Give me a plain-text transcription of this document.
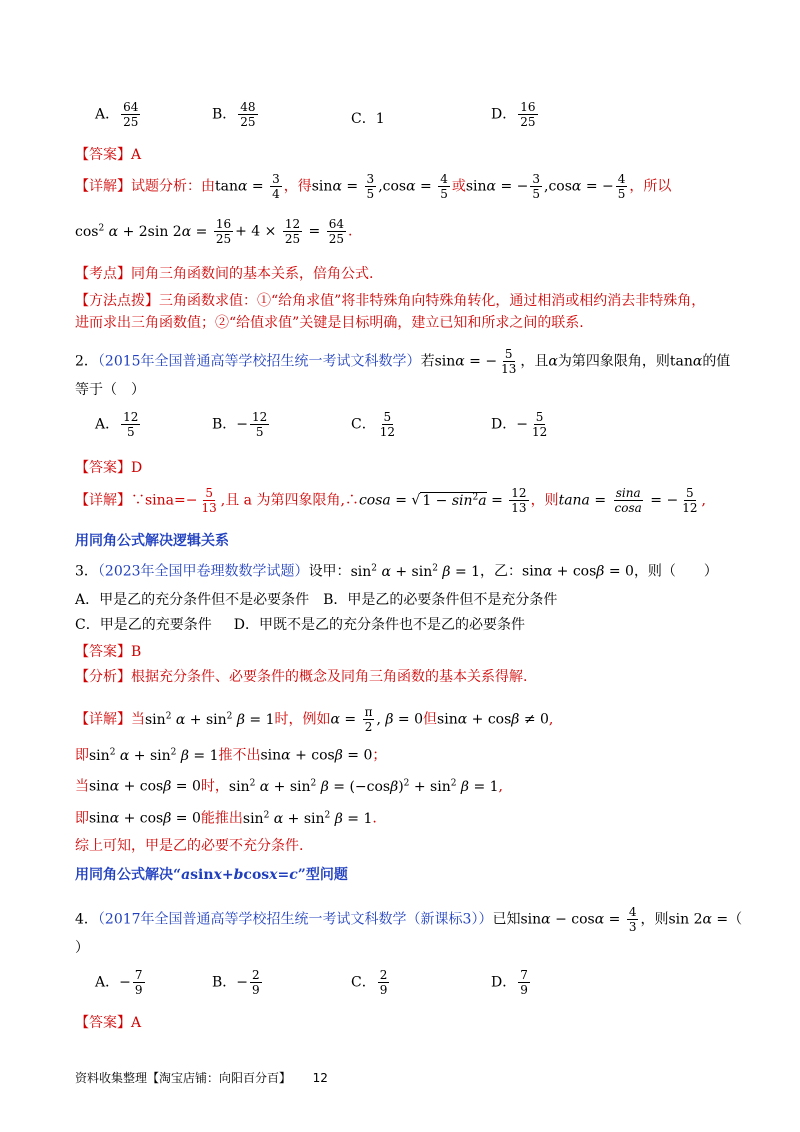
A． $\frac{64}{25}$	B． $\frac{48}{25}$	C．1	D． $\frac{16}{25}$
【答案】A
【详解】试题分析：由$\tan\alpha = \frac{3}{4}$ ，得$\sin\alpha = \frac{3}{5} ,\cos\alpha = \frac{4}{5}$ 或sinα = − $\frac{3}{5} ,\cos\alpha$ = − $\frac{4}{5}$ ，所以
$\cos^2 \alpha + 2\sin$ $2\alpha = \frac{16}{25} + 4 \times \frac{12}{25} = \frac{64}{25}$ .
【考点】同角三角函数间的基本关系，倍角公式.
【方法点拨】三角函数求值：①“给角求值”将非特殊角向特殊角转化，通过相消或相约消去非特殊角，
进而求出三角函数值；②“给值求值”关键是目标明确，建立已知和所求之间的联系.
2．（2015年全国普通高等学校招生统一考试文科数学）若sinα = − $\frac{5}{13}$ ，且α为第四象限角，则tanα的值
等于（　）
A． $\frac{12}{5}$	B．− $\frac{12}{5}$	C． $\frac{5}{12}$	D．− $\frac{5}{12}$
【答案】D
【详解】∵sina=− $\frac{5}{13}$ ,且 a 为第四象限角,∴cosa = √ $1 - \sin^2a = \frac{12}{13}$ ，则$\tan a = \frac{\sin a}{\cos a}$ = − $\frac{5}{12}$ ,
用同角公式解决逻辑关系
3．（2023年全国甲卷理数数学试题）设甲：$\sin^2 \alpha + \sin^2 \beta = 1$，乙：sinα + cosβ = 0，则（　　）
A．甲是乙的充分条件但不是必要条件 B．甲是乙的必要条件但不是充分条件
C．甲是乙的充要条件 D．甲既不是乙的充分条件也不是乙的必要条件
【答案】B
【分析】根据充分条件、必要条件的概念及同角三角函数的基本关系得解.
【详解】当$\sin^2 \alpha + \sin^2 \beta = 1$时，例如$\alpha = \frac{\pi}{2}$ , β = 0但sinα + cosβ ≠ 0,
即$\sin^2 \alpha + \sin^2 \beta = 1$推不出sinα + cosβ = 0；
当sinα + cosβ = 0时，$\sin^2 \alpha + \sin^2 \beta = (-\cos\beta)^2 + \sin^2 \beta = 1$,
即sinα + cosβ = 0能推出$\sin^2 \alpha + \sin^2 \beta = 1$.
综上可知，甲是乙的必要不充分条件.
用同角公式解决“asinx+bcosx=c”型问题
4．（2017年全国普通高等学校招生统一考试文科数学（新课标3））已知$\sin\alpha - \cos\alpha = \frac{4}{3}$ ，则sin 2α =（
）
A．− $\frac{7}{9}$	B．− $\frac{2}{9}$	C． $\frac{2}{9}$	D． $\frac{7}{9}$
【答案】A
资料收集整理【淘宝店铺：向阳百分百】 12
